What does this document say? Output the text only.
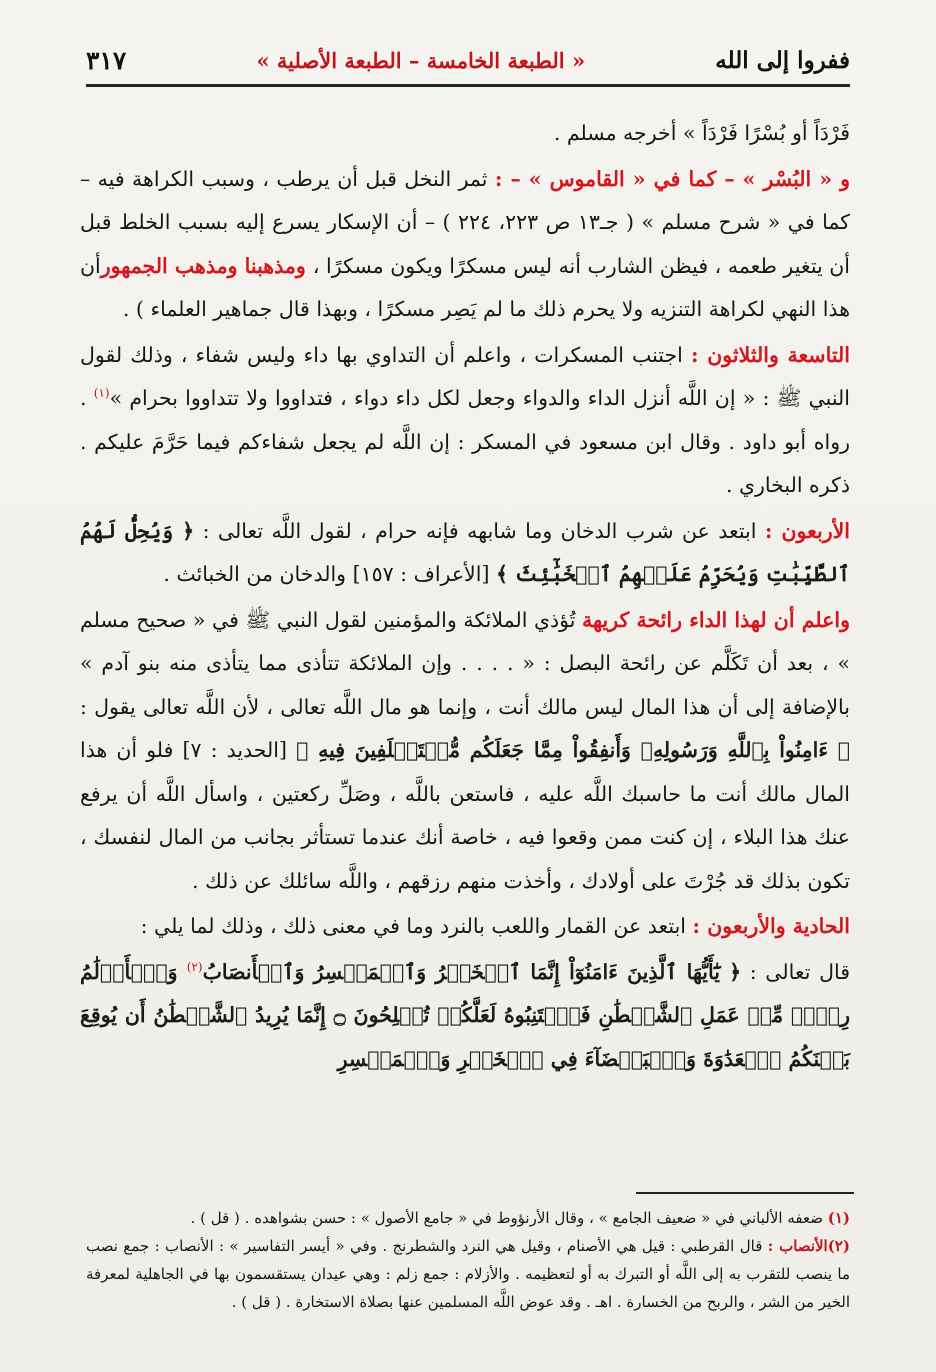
ففروا إلى الله
« الطبعة الخامسة – الطبعة الأصلية »
٣١٧

فَرْدَاً أو بُسْرًا فَرْدَاً » أخرجه مسلم .

و « البُسْر » – كما في « القاموس » – : ثمر النخل قبل أن يرطب ، وسبب الكراهة فيه – كما في « شرح مسلم » ( جـ١٣ ص ٢٢٣، ٢٢٤ ) – أن الإسكار يسرع إليه بسبب الخلط قبل أن يتغير طعمه ، فيظن الشارب أنه ليس مسكرًا ويكون مسكرًا ، ومذهبنا ومذهب الجمهورأن هذا النهي لكراهة التنزيه ولا يحرم ذلك ما لم يَصِر مسكرًا ، وبهذا قال جماهير العلماء ) .

التاسعة والثلاثون : اجتنب المسكرات ، واعلم أن التداوي بها داء وليس شفاء ، وذلك لقول النبي ﷺ : « إن اللَّه أنزل الداء والدواء وجعل لكل داء دواء ، فتداووا ولا تتداووا بحرام »$^{(١)}$ . رواه أبو داود . وقال ابن مسعود في المسكر : إن اللَّه لم يجعل شفاءكم فيما حَرَّمَ عليكم . ذكره البخاري .

الأربعون : ابتعد عن شرب الدخان وما شابهه فإنه حرام ، لقول اللَّه تعالى : ﴿ وَيُحِلُّ لَهُمُ ٱلطَّيِّبَٰتِ وَيُحَرِّمُ عَلَيۡهِمُ ٱلۡخَبَٰٓئِثَ ﴾ [الأعراف : ١٥٧] والدخان من الخبائث .

واعلم أن لهذا الداء رائحة كريهة تُؤذي الملائكة والمؤمنين لقول النبي ﷺ في « صحيح مسلم » ، بعد أن تَكَلَّم عن رائحة البصل : « . . . . وإن الملائكة تتأذى مما يتأذى منه بنو آدم » بالإضافة إلى أن هذا المال ليس مالك أنت ، وإنما هو مال اللَّه تعالى ، لأن اللَّه تعالى يقول : ﴿ ءَامِنُواْ بِٱللَّهِ وَرَسُولِهِۦ وَأَنفِقُواْ مِمَّا جَعَلَكُم مُّسۡتَخۡلَفِينَ فِيهِ ﴾ [الحديد : ٧] فلو أن هذا المال مالك أنت ما حاسبك اللَّه عليه ، فاستعن باللَّه ، وصَلِّ ركعتين ، واسأل اللَّه أن يرفع عنك هذا البلاء ، إن كنت ممن وقعوا فيه ، خاصة أنك عندما تستأثر بجانب من المال لنفسك ، تكون بذلك قد جُرْتَ على أولادك ، وأخذت منهم رزقهم ، واللَّه سائلك عن ذلك .

الحادية والأربعون : ابتعد عن القمار واللعب بالنرد وما في معنى ذلك ، وذلك لما يلي :

قال تعالى : ﴿ يَٰٓأَيُّهَا ٱلَّذِينَ ءَامَنُوٓاْ إِنَّمَا ٱلۡخَمۡرُ وَٱلۡمَيۡسِرُ وَٱلۡأَنصَابُ$^{(٢)}$ وَٱلۡأَزۡلَٰمُ رِجۡسٞ مِّنۡ عَمَلِ ٱلشَّيۡطَٰنِ فَٱجۡتَنِبُوهُ لَعَلَّكُمۡ تُفۡلِحُونَ ۝ إِنَّمَا يُرِيدُ ٱلشَّيۡطَٰنُ أَن يُوقِعَ بَيۡنَكُمُ ٱلۡعَدَٰوَةَ وَٱلۡبَغۡضَآءَ فِي ٱلۡخَمۡرِ وَٱلۡمَيۡسِرِ

(١) ضعفه الألباني في « ضعيف الجامع » ، وقال الأرنؤوط في « جامع الأصول » : حسن بشواهده . ( قل ) .

(٢)الأنصاب : قال القرطبي : قيل هي الأصنام ، وقيل هي النرد والشطرنج . وفي « أيسر التفاسير » : الأنصاب : جمع نصب ما ينصب للتقرب به إلى اللَّه أو التبرك به أو لتعظيمه . والأزلام : جمع زلم : وهي عيدان يستقسمون بها في الجاهلية لمعرفة الخير من الشر ، والربح من الخسارة . اهـ . وقد عوض اللَّه المسلمين عنها بصلاة الاستخارة . ( قل ) .
